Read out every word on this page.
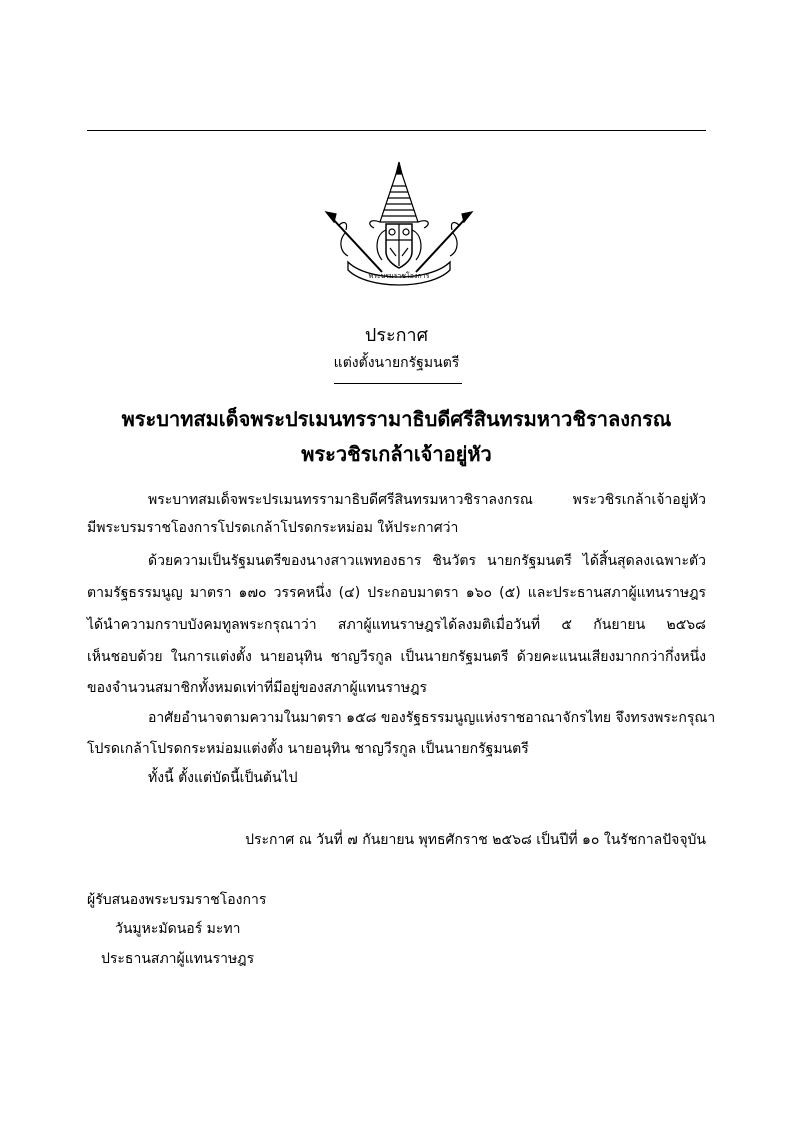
พระบรมราชโองการ
ประกาศ
แต่งตั้งนายกรัฐมนตรี
พระบาทสมเด็จพระปรเมนทรรามาธิบดีศรีสินทรมหาวชิราลงกรณ
พระวชิรเกล้าเจ้าอยู่หัว
พระบาทสมเด็จพระปรเมนทรรามาธิบดีศรีสินทรมหาวชิราลงกรณ พระวชิรเกล้าเจ้าอยู่หัว
มีพระบรมราชโองการโปรดเกล้าโปรดกระหม่อม ให้ประกาศว่า
ด้วยความเป็นรัฐมนตรีของนางสาวแพทองธาร ชินวัตร นายกรัฐมนตรี ได้สิ้นสุดลงเฉพาะตัว
ตามรัฐธรรมนูญ มาตรา ๑๗๐ วรรคหนึ่ง (๔) ประกอบมาตรา ๑๖๐ (๕) และประธานสภาผู้แทนราษฎร
ได้นำความกราบบังคมทูลพระกรุณาว่า สภาผู้แทนราษฎรได้ลงมติเมื่อวันที่ ๕ กันยายน ๒๕๖๘
เห็นชอบด้วย ในการแต่งตั้ง นายอนุทิน ชาญวีรกูล เป็นนายกรัฐมนตรี ด้วยคะแนนเสียงมากกว่ากึ่งหนึ่ง
ของจำนวนสมาชิกทั้งหมดเท่าที่มีอยู่ของสภาผู้แทนราษฎร
อาศัยอำนาจตามความในมาตรา ๑๕๘ ของรัฐธรรมนูญแห่งราชอาณาจักรไทย จึงทรงพระกรุณา
โปรดเกล้าโปรดกระหม่อมแต่งตั้ง นายอนุทิน ชาญวีรกูล เป็นนายกรัฐมนตรี
ทั้งนี้ ตั้งแต่บัดนี้เป็นต้นไป
ประกาศ ณ วันที่ ๗ กันยายน พุทธศักราช ๒๕๖๘ เป็นปีที่ ๑๐ ในรัชกาลปัจจุบัน
ผู้รับสนองพระบรมราชโองการ
วันมูหะมัดนอร์ มะทา
ประธานสภาผู้แทนราษฎร
